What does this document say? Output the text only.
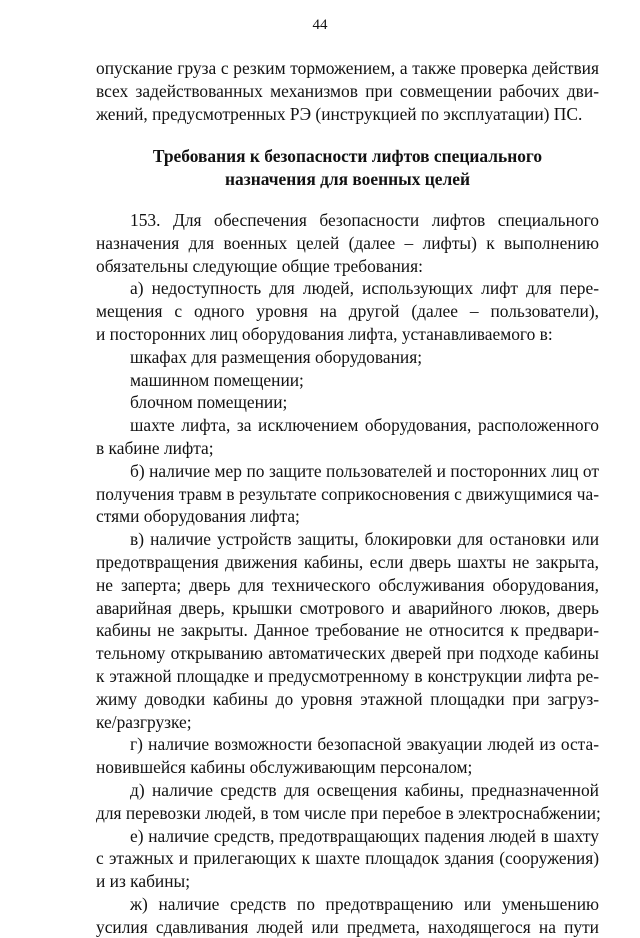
44
опускание груза с резким торможением, а также проверка действия
всех задействованных механизмов при совмещении рабочих дви-
жений, предусмотренных РЭ (инструкцией по эксплуатации) ПС.
Требования к безопасности лифтов специального
назначения для военных целей
153. Для обеспечения безопасности лифтов специального
назначения для военных целей (далее – лифты) к выполнению
обязательны следующие общие требования:
а) недоступность для людей, использующих лифт для пере-
мещения с одного уровня на другой (далее – пользователи),
и посторонних лиц оборудования лифта, устанавливаемого в:
шкафах для размещения оборудования;
машинном помещении;
блочном помещении;
шахте лифта, за исключением оборудования, расположенного
в кабине лифта;
б) наличие мер по защите пользователей и посторонних лиц от
получения травм в результате соприкосновения с движущимися ча-
стями оборудования лифта;
в) наличие устройств защиты, блокировки для остановки или
предотвращения движения кабины, если дверь шахты не закрыта,
не заперта; дверь для технического обслуживания оборудования,
аварийная дверь, крышки смотрового и аварийного люков, дверь
кабины не закрыты. Данное требование не относится к предвари-
тельному открыванию автоматических дверей при подходе кабины
к этажной площадке и предусмотренному в конструкции лифта ре-
жиму доводки кабины до уровня этажной площадки при загруз-
ке/разгрузке;
г) наличие возможности безопасной эвакуации людей из оста-
новившейся кабины обслуживающим персоналом;
д) наличие средств для освещения кабины, предназначенной
для перевозки людей, в том числе при перебое в электроснабжении;
е) наличие средств, предотвращающих падения людей в шахту
с этажных и прилегающих к шахте площадок здания (сооружения)
и из кабины;
ж) наличие средств по предотвращению или уменьшению
усилия сдавливания людей или предмета, находящегося на пути
